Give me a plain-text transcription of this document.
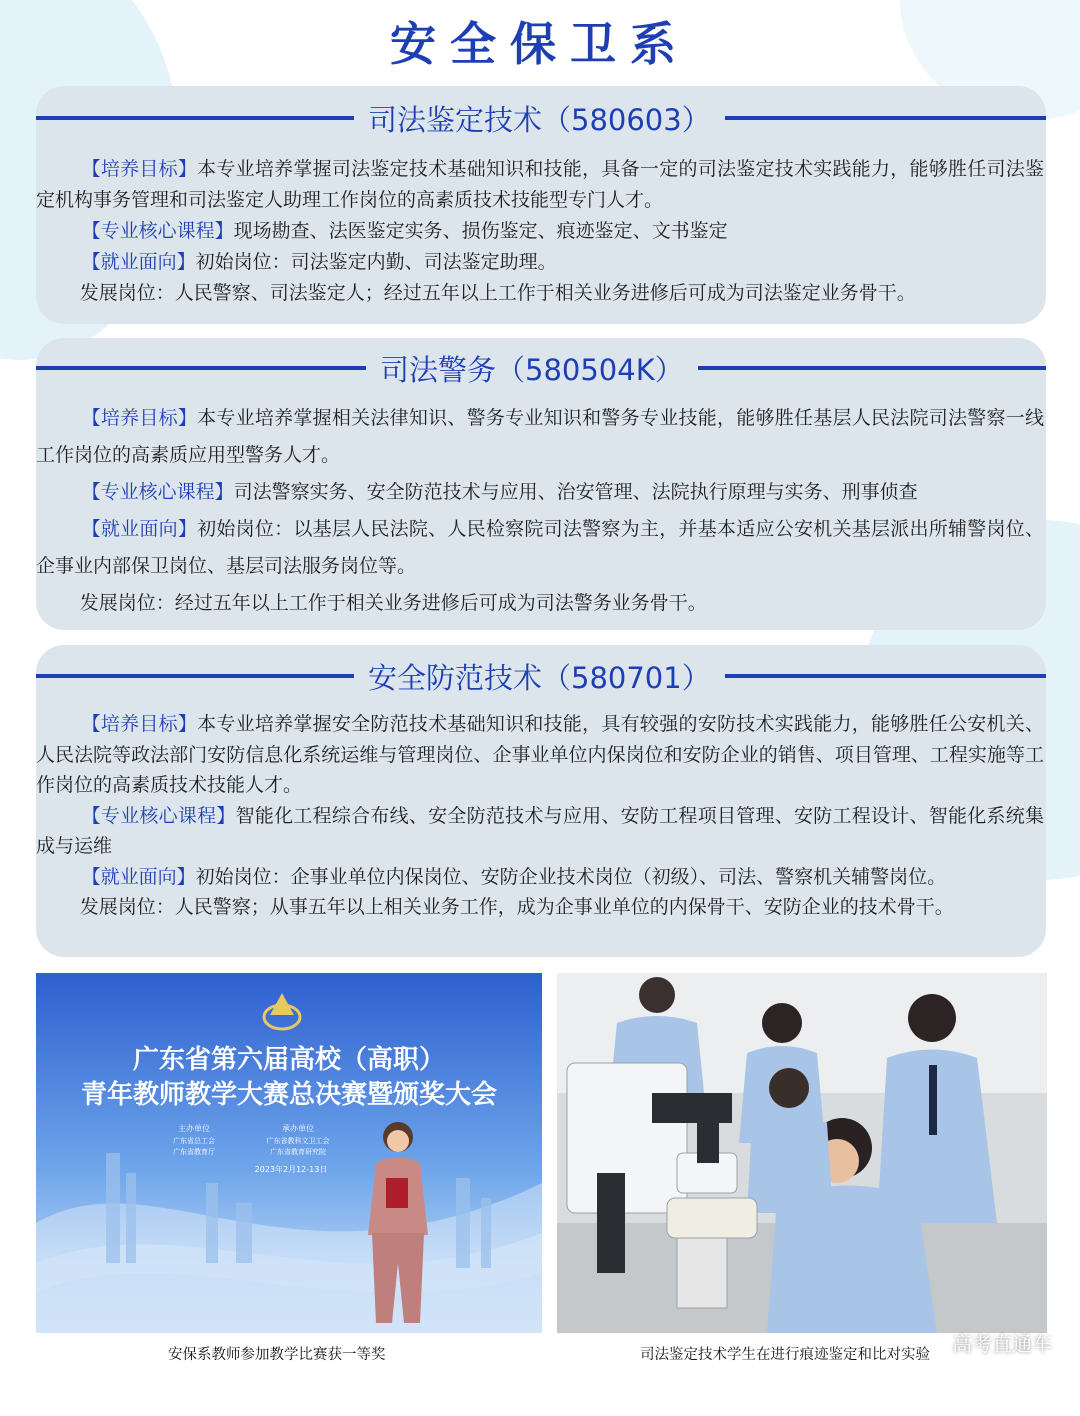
安全保卫系
司法鉴定技术（580603）

【培养目标】本专业培养掌握司法鉴定技术基础知识和技能，具备一定的司法鉴定技术实践能力，能够胜任司法鉴定机构事务管理和司法鉴定人助理工作岗位的高素质技术技能型专门人才。

【专业核心课程】现场勘查、法医鉴定实务、损伤鉴定、痕迹鉴定、文书鉴定

【就业面向】初始岗位：司法鉴定内勤、司法鉴定助理。

发展岗位：人民警察、司法鉴定人；经过五年以上工作于相关业务进修后可成为司法鉴定业务骨干。

司法警务（580504K）

【培养目标】本专业培养掌握相关法律知识、警务专业知识和警务专业技能，能够胜任基层人民法院司法警察一线工作岗位的高素质应用型警务人才。

【专业核心课程】司法警察实务、安全防范技术与应用、治安管理、法院执行原理与实务、刑事侦查

【就业面向】初始岗位：以基层人民法院、人民检察院司法警察为主，并基本适应公安机关基层派出所辅警岗位、企事业内部保卫岗位、基层司法服务岗位等。

发展岗位：经过五年以上工作于相关业务进修后可成为司法警务业务骨干。

安全防范技术（580701）

【培养目标】本专业培养掌握安全防范技术基础知识和技能，具有较强的安防技术实践能力，能够胜任公安机关、人民法院等政法部门安防信息化系统运维与管理岗位、企事业单位内保岗位和安防企业的销售、项目管理、工程实施等工作岗位的高素质技术技能人才。

【专业核心课程】智能化工程综合布线、安全防范技术与应用、安防工程项目管理、安防工程设计、智能化系统集成与运维

【就业面向】初始岗位：企事业单位内保岗位、安防企业技术岗位（初级）、司法、警察机关辅警岗位。

发展岗位：人民警察；从事五年以上相关业务工作，成为企事业单位的内保骨干、安防企业的技术骨干。

广东省第六届高校（高职）
青年教师教学大赛总决赛暨颁奖大会
主办单位
广东省总工会
广东省教育厅
承办单位
广东省教科文卫工会
广东省教育研究院
2023年2月12-13日
安保系教师参加教学比赛获一等奖	司法鉴定技术学生在进行痕迹鉴定和比对实验 高考直通车
